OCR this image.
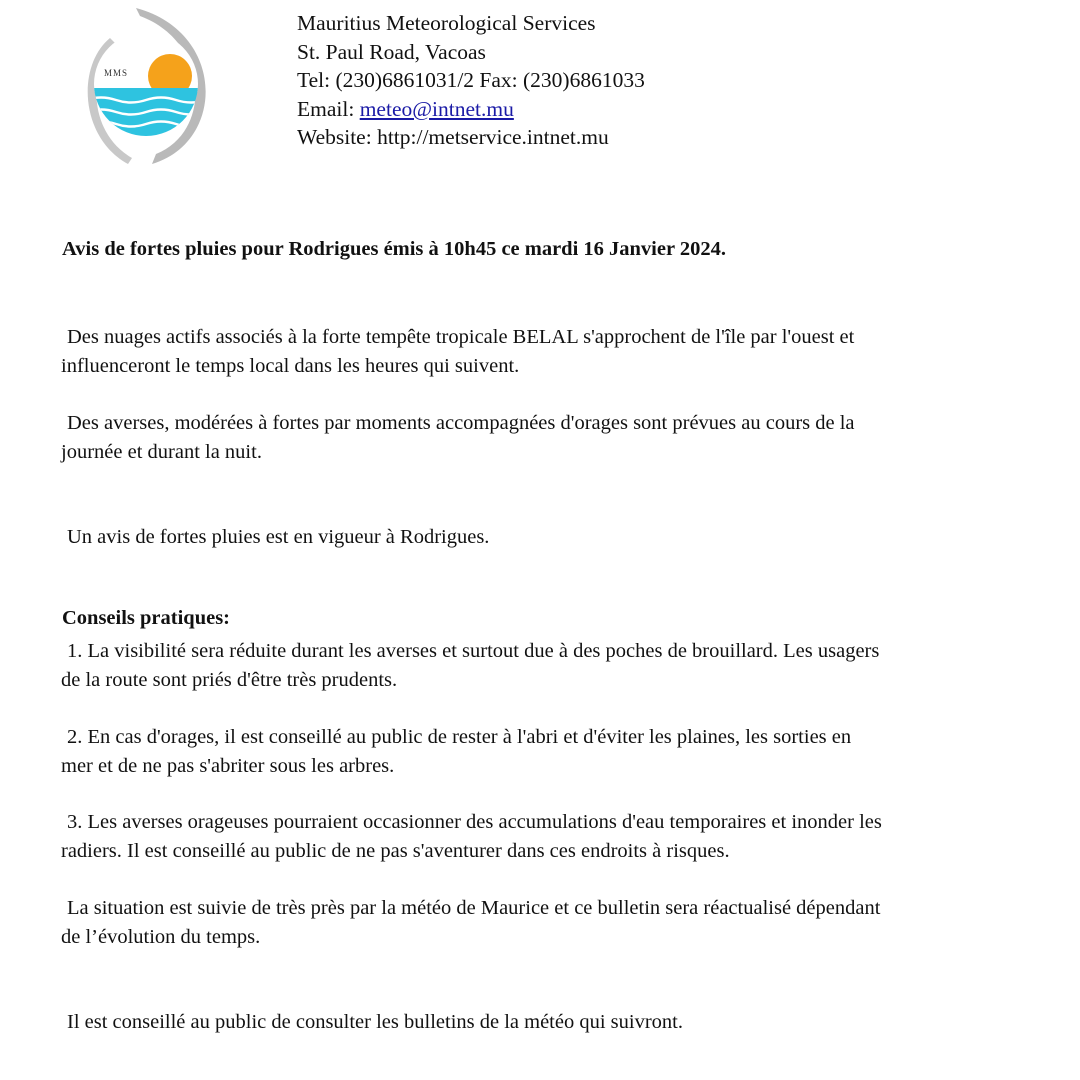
MMS
Mauritius Meteorological Services
St. Paul Road, Vacoas
Tel: (230)6861031/2 Fax: (230)6861033
Email: meteo@intnet.mu
Website: http://metservice.intnet.mu
Avis de fortes pluies pour Rodrigues émis à 10h45 ce mardi 16 Janvier 2024.
Des nuages actifs associés à la forte tempête tropicale BELAL s'approchent de l'île par l'ouest et
influenceront le temps local dans les heures qui suivent.
Des averses, modérées à fortes par moments accompagnées d'orages sont prévues au cours de la
journée et durant la nuit.
Un avis de fortes pluies est en vigueur à Rodrigues.
Conseils pratiques:
1. La visibilité sera réduite durant les averses et surtout due à des poches de brouillard. Les usagers
de la route sont priés d'être très prudents.
2. En cas d'orages, il est conseillé au public de rester à l'abri et d'éviter les plaines, les sorties en
mer et de ne pas s'abriter sous les arbres.
3. Les averses orageuses pourraient occasionner des accumulations d'eau temporaires et inonder les
radiers. Il est conseillé au public de ne pas s'aventurer dans ces endroits à risques.
La situation est suivie de très près par la météo de Maurice et ce bulletin sera réactualisé dépendant
de l’évolution du temps.
Il est conseillé au public de consulter les bulletins de la météo qui suivront.
